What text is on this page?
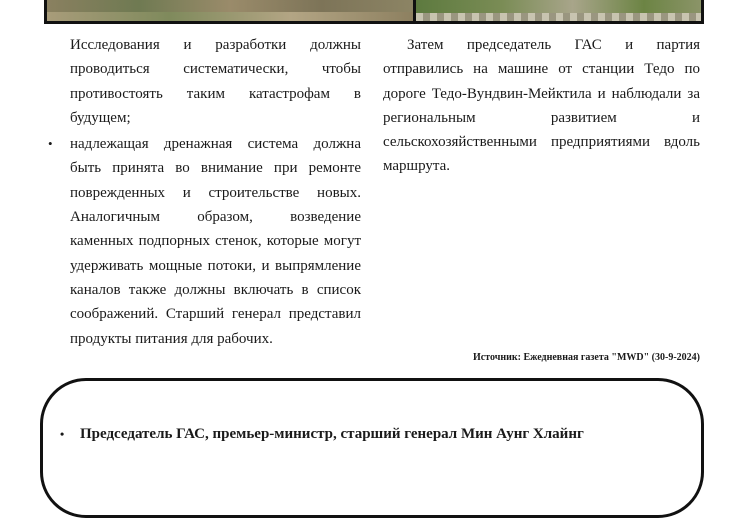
Исследования и разработки должны проводиться систематически, чтобы противостоять таким катастрофам в будущем;

• надлежащая дренажная система должна быть принята во внимание при ремонте поврежденных и строительстве новых. Аналогичным образом, возведение каменных подпорных стенок, которые могут удерживать мощные потоки, и выпрямление каналов также должны включать в список соображений. Старший генерал представил продукты питания для рабочих.

Затем председатель ГАС и партия отправились на машине от станции Тедо по дороге Тедо-Вундвин-Мейктила и наблюдали за региональным развитием и сельскохозяйственными предприятиями вдоль маршрута.

Источник: Ежедневная газета "MWD" (30-9-2024)
• Председатель ГАС, премьер-министр, старший генерал Мин Аунг Хлайнг
